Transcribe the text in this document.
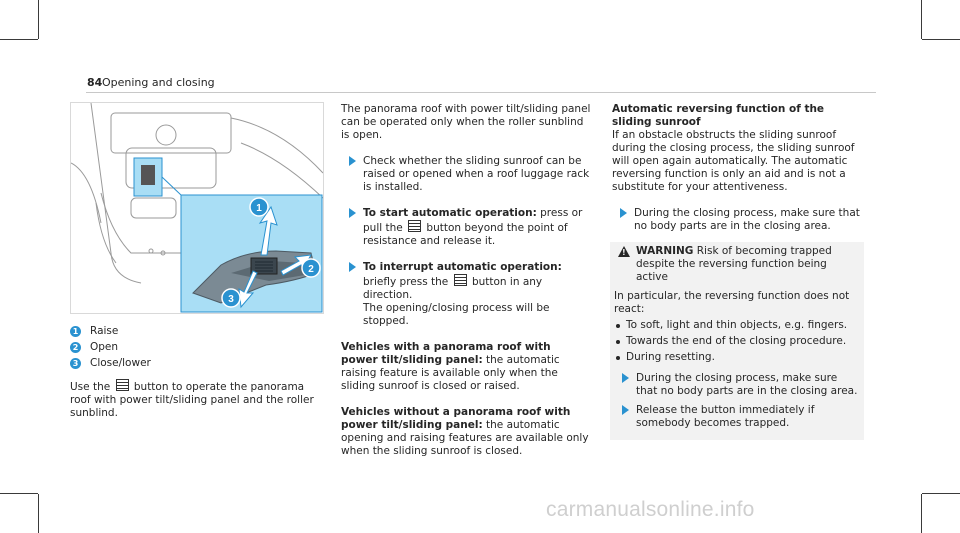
84 Opening and closing
1
2
3
1 Raise
2 Open
3 Close/lower

Use the button to operate the panorama roof with power tilt/sliding panel and the roller sunblind.

The panorama roof with power tilt/sliding panel can be operated only when the roller sunblind is open.

Check whether the sliding sunroof can be raised or opened when a roof luggage rack is installed.
To start automatic operation: press or pull the button beyond the point of resistance and release it.
To interrupt automatic operation: briefly press the button in any direction.
The opening/closing process will be stopped.

Vehicles with a panorama roof with power tilt/sliding panel: the automatic raising feature is available only when the sliding sunroof is closed or raised.

Vehicles without a panorama roof with power tilt/sliding panel: the automatic opening and raising features are available only when the sliding sunroof is closed.

Automatic reversing function of the sliding sunroof

If an obstacle obstructs the sliding sunroof during the closing process, the sliding sunroof will open again automatically. The automatic reversing function is only an aid and is not a substitute for your attentiveness.

During the closing process, make sure that no body parts are in the closing area.
! WARNING Risk of becoming trapped despite the reversing function being active
In particular, the reversing function does not react:
To soft, light and thin objects, e.g. fingers.
Towards the end of the closing procedure.
During resetting.
During the closing process, make sure that no body parts are in the closing area.
Release the button immediately if somebody becomes trapped.
carmanualsonline.info
